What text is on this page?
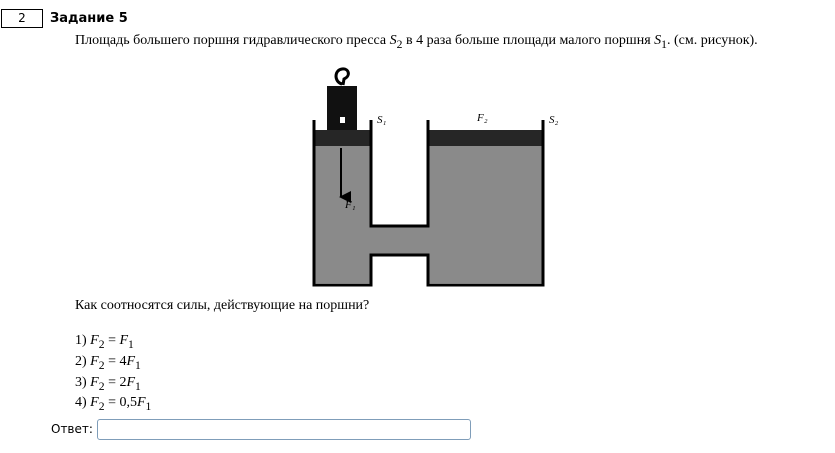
2	Задание 5
Площадь большего поршня гидравлического пресса $S_2$ в 4 раза больше площади малого поршня $S_1$. (см. рисунок).
F₁
F₂
S₁	S₂
Как соотносятся силы, действующие на поршни?
1) $F_2 = F_1$
2) $F_2 = 4F_1$
3) $F_2 = 2F_1$
4) $F_2 = 0,5F_1$
Ответ:
